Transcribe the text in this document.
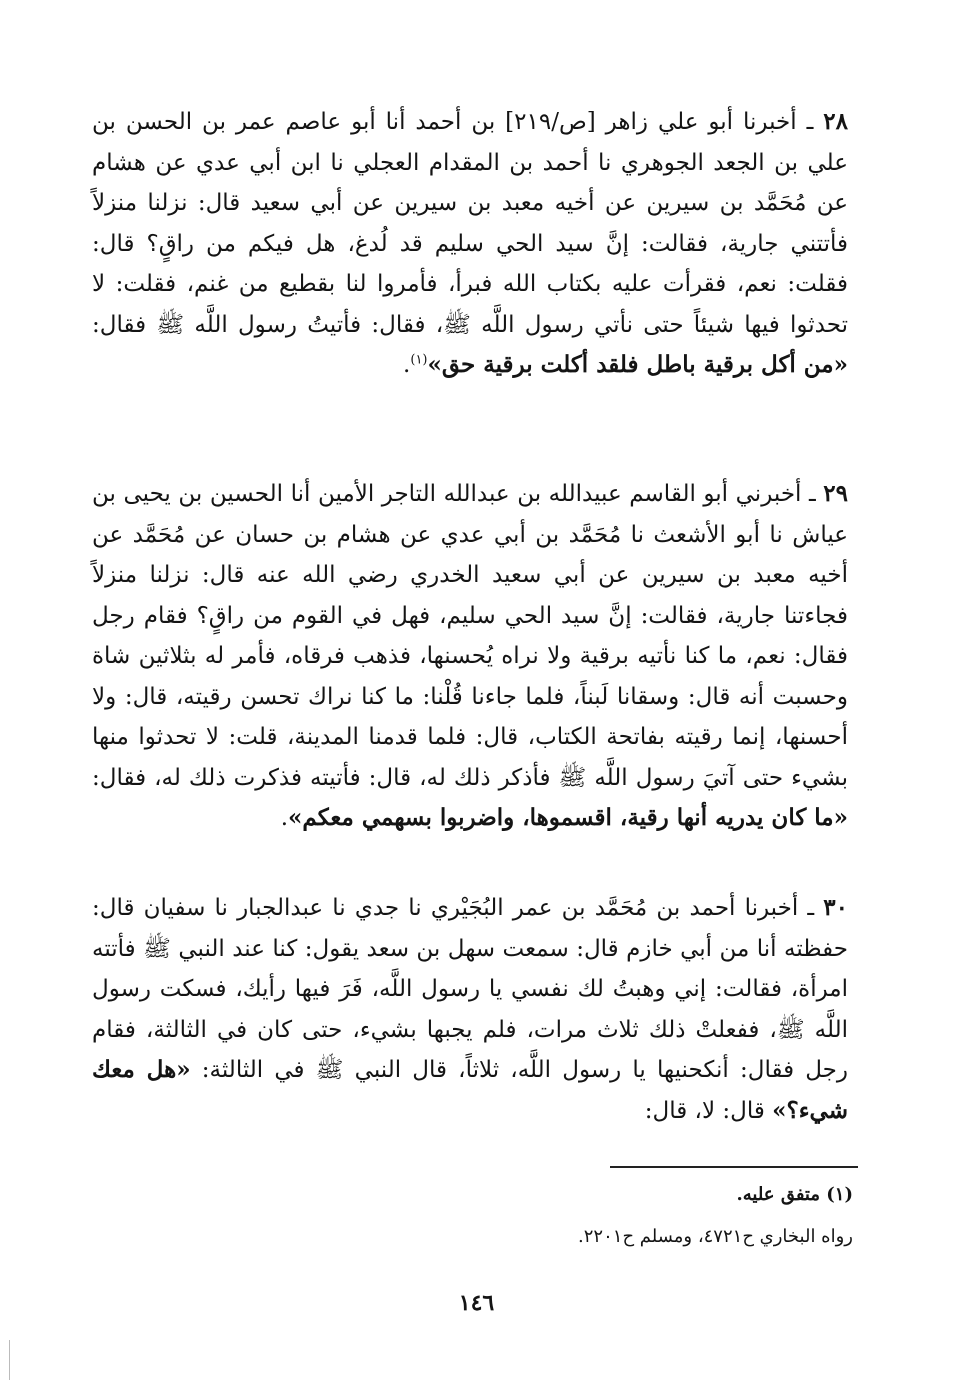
٢٨ ـ أخبرنا أبو علي زاهر [ص/٢١٩] بن أحمد أنا أبو عاصم عمر بن الحسن بن علي بن الجعد الجوهري نا أحمد بن المقدام العجلي نا ابن أبي عدي عن هشام عن مُحَمَّد بن سيرين عن أخيه معبد بن سيرين عن أبي سعيد قال: نزلنا منزلاً فأتتني جارية، فقالت: إنَّ سيد الحي سليم قد لُدغ، هل فيكم من راقٍ؟ قال: فقلت: نعم، فقرأت عليه بكتاب الله فبرأ، فأمروا لنا بقطيع من غنم، فقلت: لا تحدثوا فيها شيئاً حتى نأتي رسول اللَّه ﷺ، فقال: فأتيتُ رسول اللَّه ﷺ فقال: «من أكل برقية باطل فلقد أكلت برقية حق»$^{(١)}$.

٢٩ ـ أخبرني أبو القاسم عبيدالله بن عبدالله التاجر الأمين أنا الحسين بن يحيى بن عياش نا أبو الأشعث نا مُحَمَّد بن أبي عدي عن هشام بن حسان عن مُحَمَّد عن أخيه معبد بن سيرين عن أبي سعيد الخدري رضي الله عنه قال: نزلنا منزلاً فجاءتنا جارية، فقالت: إنَّ سيد الحي سليم، فهل في القوم من راقٍ؟ فقام رجل فقال: نعم، ما كنا نأتيه برقية ولا نراه يُحسنها، فذهب فرقاه، فأمر له بثلاثين شاة وحسبت أنه قال: وسقانا لَبناً، فلما جاءنا قُلْنا: ما كنا نراك تحسن رقيته، قال: ولا أحسنها، إنما رقيته بفاتحة الكتاب، قال: فلما قدمنا المدينة، قلت: لا تحدثوا منها بشيء حتى آتيَ رسول اللَّه ﷺ فأذكر ذلك له، قال: فأتيته فذكرت ذلك له، فقال: «ما كان يدريه أنها رقية، اقسموها، واضربوا بسهمي معكم».

٣٠ ـ أخبرنا أحمد بن مُحَمَّد بن عمر البُجَيْري نا جدي نا عبدالجبار نا سفيان قال: حفظته أنا من أبي خازم قال: سمعت سهل بن سعد يقول: كنا عند النبي ﷺ فأتته امرأة، فقالت: إني وهبتُ لك نفسي يا رسول اللَّه، فَرَ فيها رأيك، فسكت رسول اللَّه ﷺ، ففعلتْ ذلك ثلاث مرات، فلم يجبها بشيء، حتى كان في الثالثة، فقام رجل فقال: أنكحنيها يا رسول اللَّه، ثلاثاً، قال النبي ﷺ في الثالثة: «هل معك شيء؟» قال: لا، قال:

(١) متفق عليه.

رواه البخاري ح٤٧٢١، ومسلم ح٢٢٠١.

١٤٦
